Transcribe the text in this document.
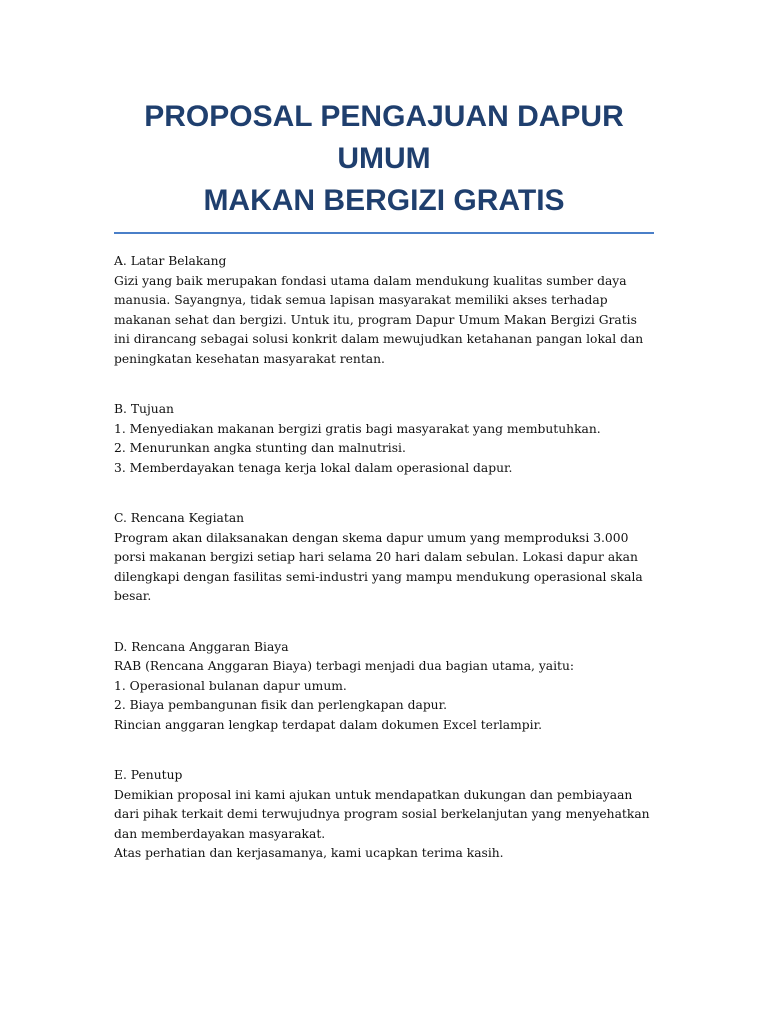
PROPOSAL PENGAJUAN DAPUR UMUM
MAKAN BERGIZI GRATIS

A. Latar Belakang

Gizi yang baik merupakan fondasi utama dalam mendukung kualitas sumber daya manusia. Sayangnya, tidak semua lapisan masyarakat memiliki akses terhadap makanan sehat dan bergizi. Untuk itu, program Dapur Umum Makan Bergizi Gratis ini dirancang sebagai solusi konkrit dalam mewujudkan ketahanan pangan lokal dan peningkatan kesehatan masyarakat rentan.

B. Tujuan

1. Menyediakan makanan bergizi gratis bagi masyarakat yang membutuhkan.

2. Menurunkan angka stunting dan malnutrisi.

3. Memberdayakan tenaga kerja lokal dalam operasional dapur.

C. Rencana Kegiatan

Program akan dilaksanakan dengan skema dapur umum yang memproduksi 3.000 porsi makanan bergizi setiap hari selama 20 hari dalam sebulan. Lokasi dapur akan dilengkapi dengan fasilitas semi-industri yang mampu mendukung operasional skala besar.

D. Rencana Anggaran Biaya

RAB (Rencana Anggaran Biaya) terbagi menjadi dua bagian utama, yaitu:

1. Operasional bulanan dapur umum.

2. Biaya pembangunan fisik dan perlengkapan dapur.

Rincian anggaran lengkap terdapat dalam dokumen Excel terlampir.

E. Penutup

Demikian proposal ini kami ajukan untuk mendapatkan dukungan dan pembiayaan dari pihak terkait demi terwujudnya program sosial berkelanjutan yang menyehatkan dan memberdayakan masyarakat.

Atas perhatian dan kerjasamanya, kami ucapkan terima kasih.
